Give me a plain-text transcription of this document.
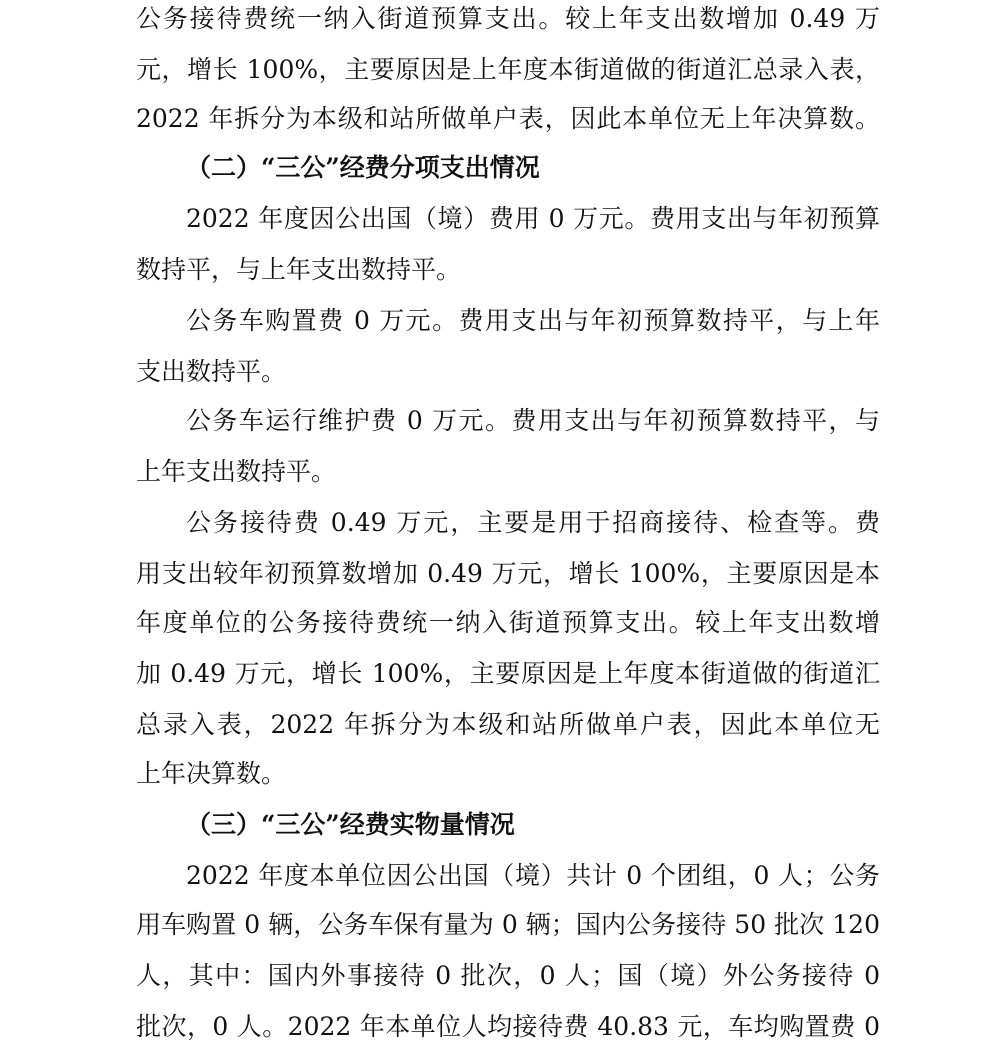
公务接待费统一纳入街道预算支出。较上年支出数增加 0.49 万
元，增长 100%，主要原因是上年度本街道做的街道汇总录入表，
2022 年拆分为本级和站所做单户表，因此本单位无上年决算数。
（二）“三公”经费分项支出情况
2022 年度因公出国（境）费用 0 万元。费用支出与年初预算
数持平，与上年支出数持平。
公务车购置费 0 万元。费用支出与年初预算数持平，与上年
支出数持平。
公务车运行维护费 0 万元。费用支出与年初预算数持平，与
上年支出数持平。
公务接待费 0.49 万元，主要是用于招商接待、检查等。费
用支出较年初预算数增加 0.49 万元，增长 100%，主要原因是本
年度单位的公务接待费统一纳入街道预算支出。较上年支出数增
加 0.49 万元，增长 100%，主要原因是上年度本街道做的街道汇
总录入表，2022 年拆分为本级和站所做单户表，因此本单位无
上年决算数。
（三）“三公”经费实物量情况
2022 年度本单位因公出国（境）共计 0 个团组，0 人；公务
用车购置 0 辆，公务车保有量为 0 辆；国内公务接待 50 批次 120
人，其中：国内外事接待 0 批次，0 人；国（境）外公务接待 0
批次，0 人。2022 年本单位人均接待费 40.83 元，车均购置费 0
